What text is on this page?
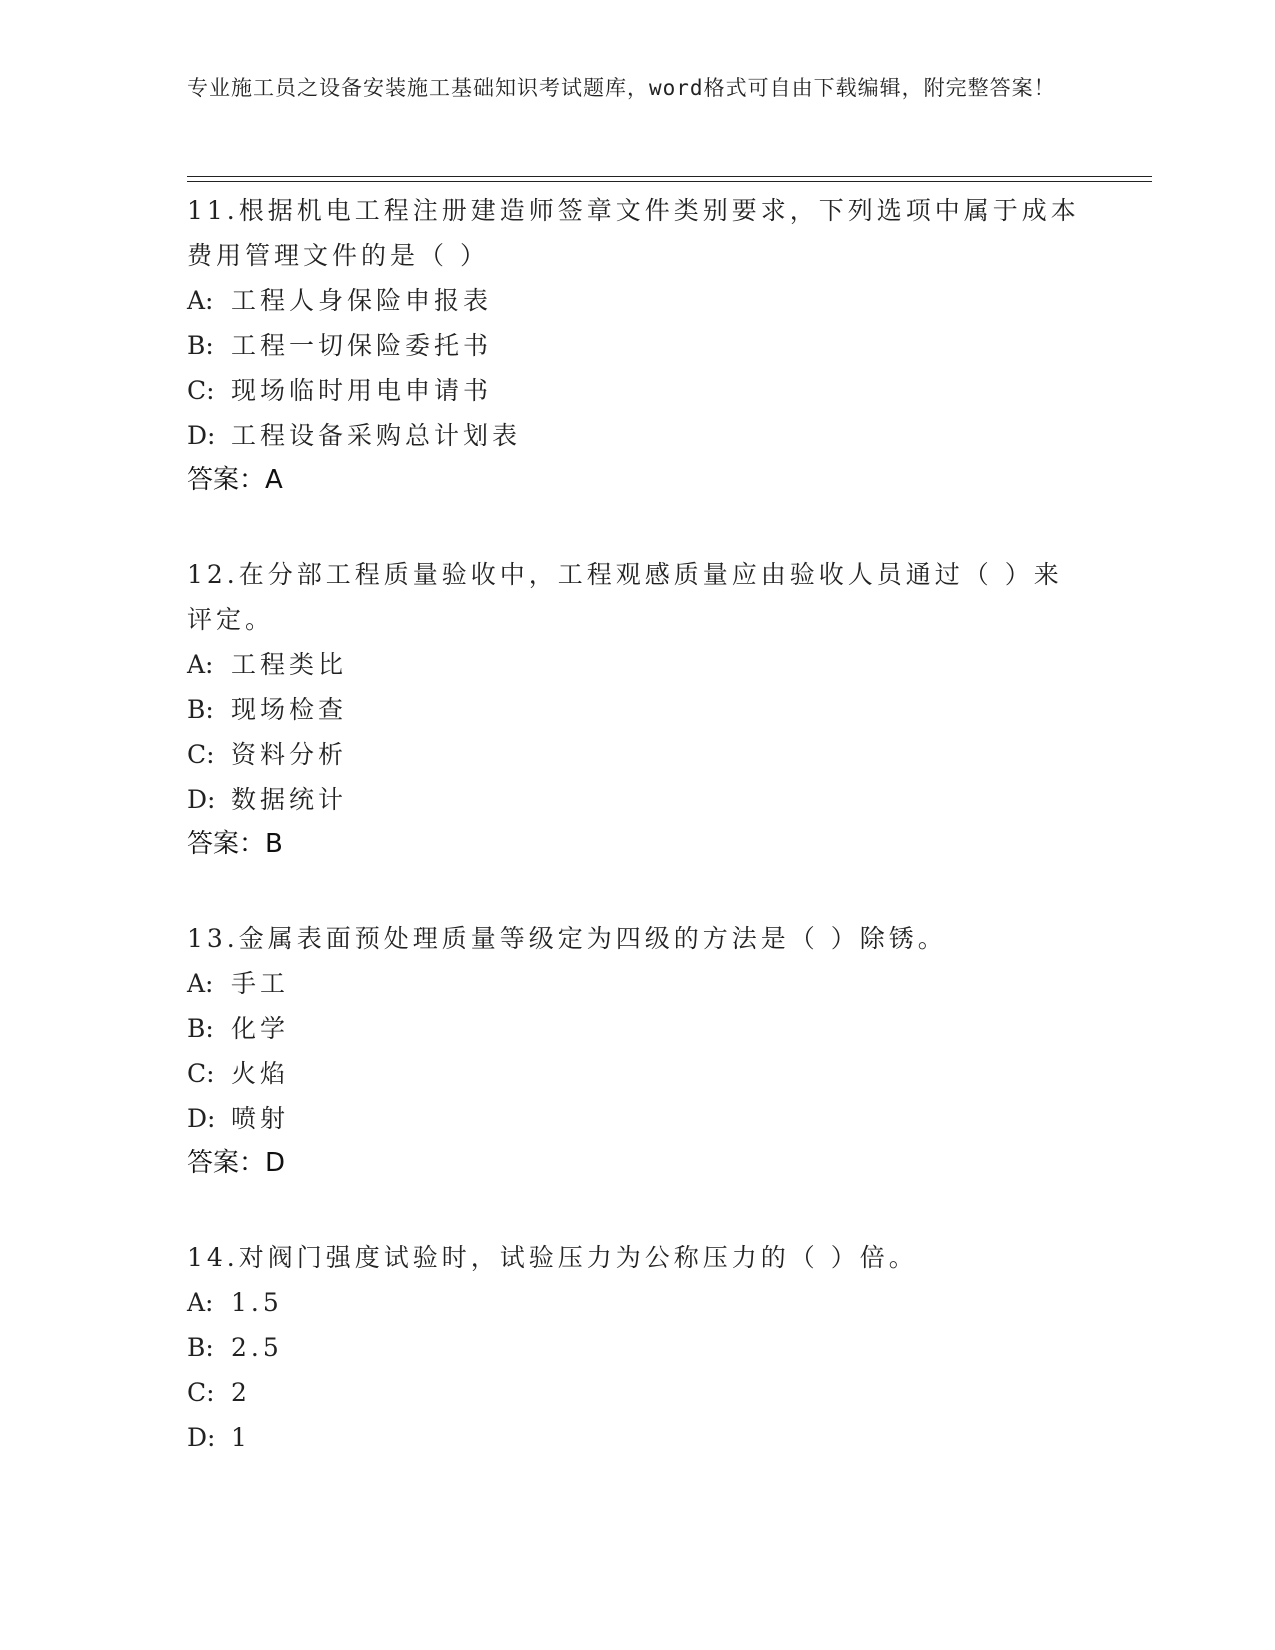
专业施工员之设备安装施工基础知识考试题库，word格式可自由下载编辑，附完整答案！

11.根据机电工程注册建造师签章文件类别要求，下列选项中属于成本费用管理文件的是（ ）

A: 工程人身保险申报表

B: 工程一切保险委托书

C: 现场临时用电申请书

D: 工程设备采购总计划表

答案：A

12.在分部工程质量验收中，工程观感质量应由验收人员通过（ ）来评定。

A: 工程类比

B: 现场检查

C: 资料分析

D: 数据统计

答案：B

13.金属表面预处理质量等级定为四级的方法是（ ）除锈。

A: 手工

B: 化学

C: 火焰

D: 喷射

答案：D

14.对阀门强度试验时，试验压力为公称压力的（ ）倍。

A: 1.5

B: 2.5

C: 2

D: 1
